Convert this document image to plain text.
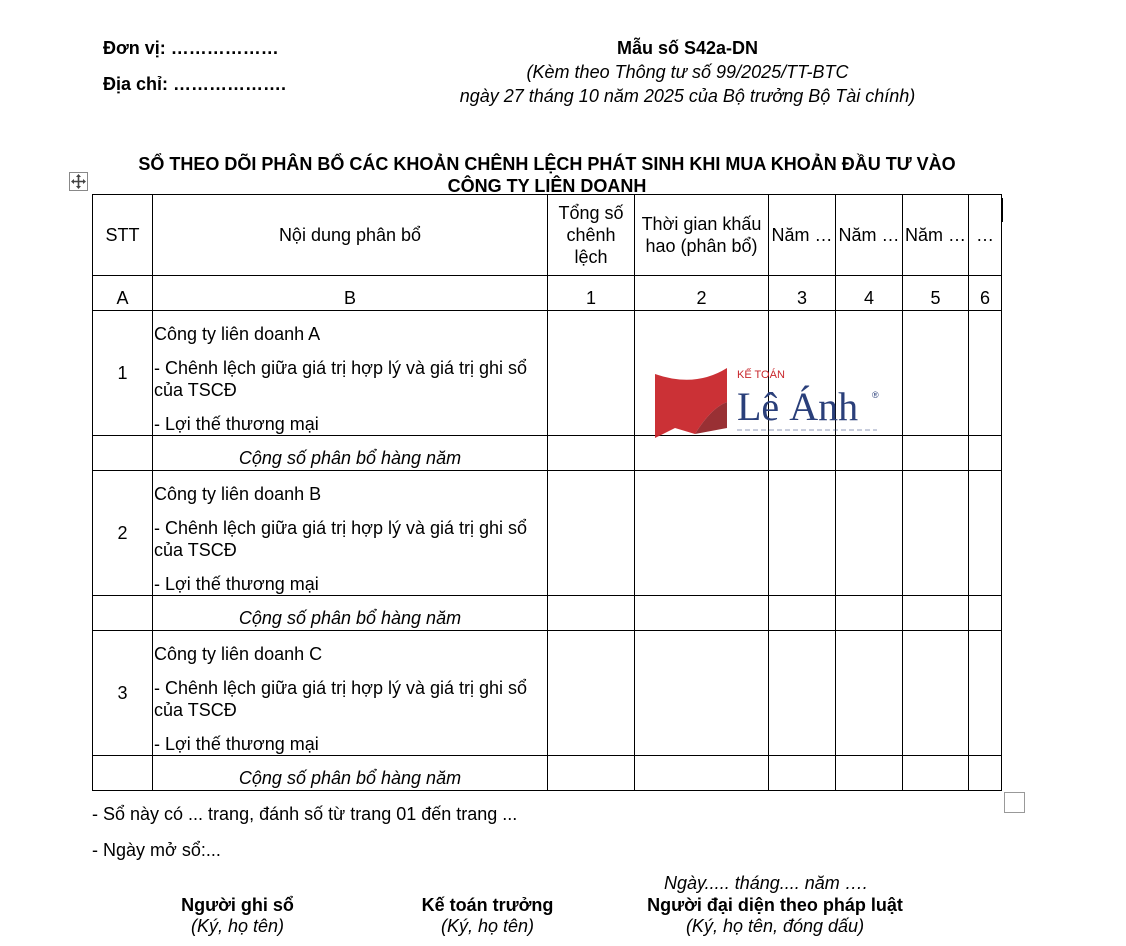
Đơn vị: ………………
Địa chỉ: ……………….
Mẫu số S42a-DN
(Kèm theo Thông tư số 99/2025/TT-BTC
ngày 27 tháng 10 năm 2025 của Bộ trưởng Bộ Tài chính)
SỔ THEO DÕI PHÂN BỔ CÁC KHOẢN CHÊNH LỆCH PHÁT SINH KHI MUA KHOẢN ĐẦU TƯ VÀO
CÔNG TY LIÊN DOANH
STT	Nội dung phân bổ	Tổng số chênh lệch	Thời gian khấu hao (phân bổ)	Năm …	Năm …	Năm …	…
A	B	1	2	3	4	5	6
1	Công ty liên doanh A
- Chênh lệch giữa giá trị hợp lý và giá trị ghi sổ của TSCĐ
- Lợi thế thương mại						

	Cộng số phân bổ hàng năm						
2	Công ty liên doanh B
- Chênh lệch giữa giá trị hợp lý và giá trị ghi sổ của TSCĐ
- Lợi thế thương mại						

	Cộng số phân bổ hàng năm						
3	Công ty liên doanh C
- Chênh lệch giữa giá trị hợp lý và giá trị ghi sổ của TSCĐ
- Lợi thế thương mại						

	Cộng số phân bổ hàng năm						
KẾ TOÁN
Lê Ánh ®
- Sổ này có ... trang, đánh số từ trang 01 đến trang ...
- Ngày mở sổ:...
Ngày..... tháng.... năm ….
Người ghi sổ
(Ký, họ tên)
Kế toán trưởng
(Ký, họ tên)
Người đại diện theo pháp luật
(Ký, họ tên, đóng dấu)
